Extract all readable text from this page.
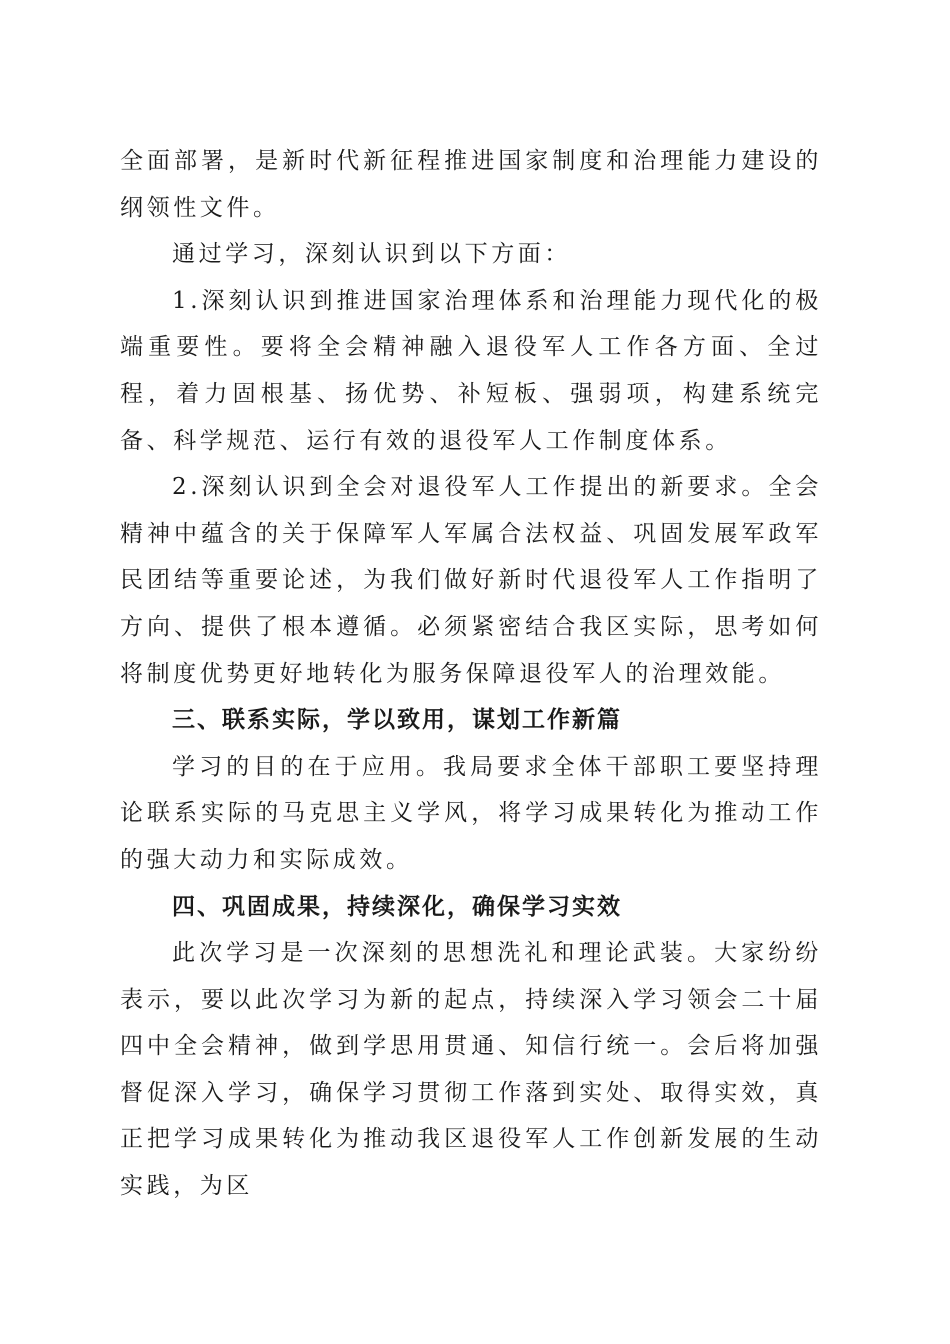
全面部署，是新时代新征程推进国家制度和治理能力建设的纲领性文件。

通过学习，深刻认识到以下方面：

1.深刻认识到推进国家治理体系和治理能力现代化的极端重要性。要将全会精神融入退役军人工作各方面、全过程，着力固根基、扬优势、补短板、强弱项，构建系统完备、科学规范、运行有效的退役军人工作制度体系。

2.深刻认识到全会对退役军人工作提出的新要求。全会精神中蕴含的关于保障军人军属合法权益、巩固发展军政军民团结等重要论述，为我们做好新时代退役军人工作指明了方向、提供了根本遵循。必须紧密结合我区实际，思考如何将制度优势更好地转化为服务保障退役军人的治理效能。

三、联系实际，学以致用，谋划工作新篇

学习的目的在于应用。我局要求全体干部职工要坚持理论联系实际的马克思主义学风，将学习成果转化为推动工作的强大动力和实际成效。

四、巩固成果，持续深化，确保学习实效

此次学习是一次深刻的思想洗礼和理论武装。大家纷纷表示，要以此次学习为新的起点，持续深入学习领会二十届四中全会精神，做到学思用贯通、知信行统一。会后将加强督促深入学习，确保学习贯彻工作落到实处、取得实效，真正把学习成果转化为推动我区退役军人工作创新发展的生动实践，为区
